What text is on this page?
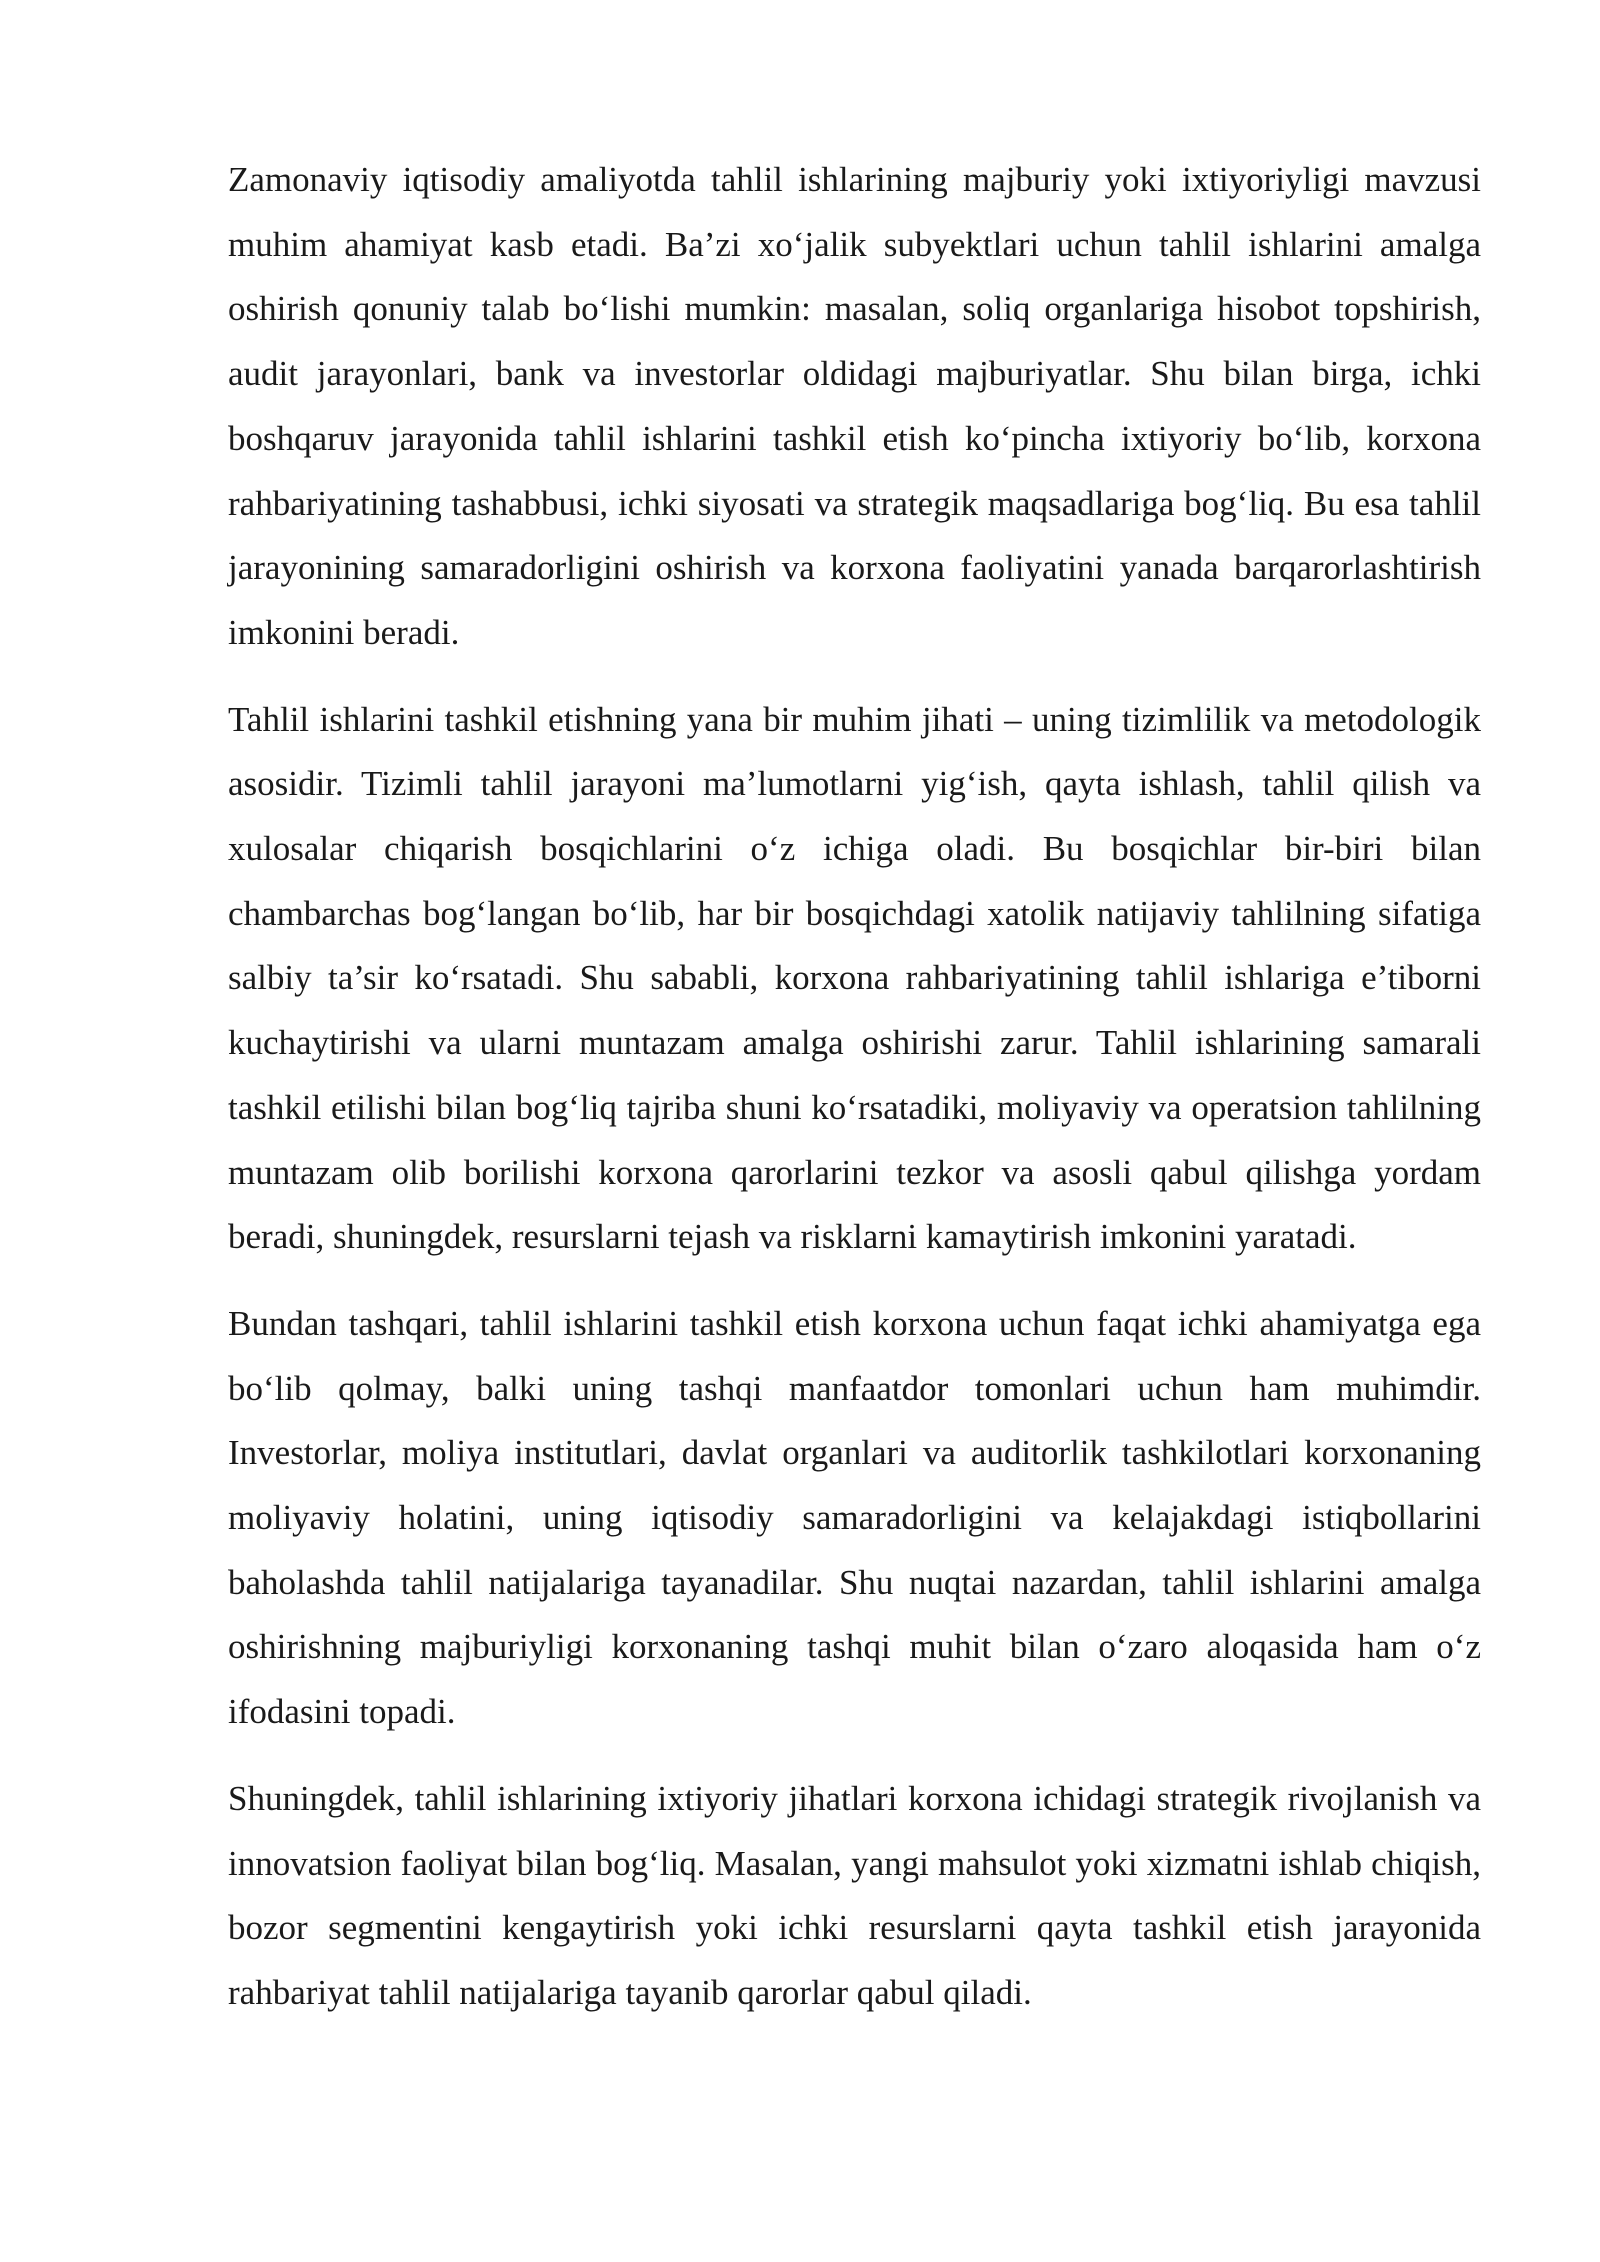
Zamonaviy iqtisodiy amaliyotda tahlil ishlarining majburiy yoki ixtiyoriyligi mavzusi muhim ahamiyat kasb etadi. Ba’zi xo‘jalik subyektlari uchun tahlil ishlarini amalga oshirish qonuniy talab bo‘lishi mumkin: masalan, soliq organlariga hisobot topshirish, audit jarayonlari, bank va investorlar oldidagi majburiyatlar. Shu bilan birga, ichki boshqaruv jarayonida tahlil ishlarini tashkil etish ko‘pincha ixtiyoriy bo‘lib, korxona rahbariyatining tashabbusi, ichki siyosati va strategik maqsadlariga bog‘liq. Bu esa tahlil jarayonining samaradorligini oshirish va korxona faoliyatini yanada barqarorlashtirish imkonini beradi.

Tahlil ishlarini tashkil etishning yana bir muhim jihati – uning tizimlilik va metodologik asosidir. Tizimli tahlil jarayoni ma’lumotlarni yig‘ish, qayta ishlash, tahlil qilish va xulosalar chiqarish bosqichlarini o‘z ichiga oladi. Bu bosqichlar bir-biri bilan chambarchas bog‘langan bo‘lib, har bir bosqichdagi xatolik natijaviy tahlilning sifatiga salbiy ta’sir ko‘rsatadi. Shu sababli, korxona rahbariyatining tahlil ishlariga e’tiborni kuchaytirishi va ularni muntazam amalga oshirishi zarur. Tahlil ishlarining samarali tashkil etilishi bilan bog‘liq tajriba shuni ko‘rsatadiki, moliyaviy va operatsion tahlilning muntazam olib borilishi korxona qarorlarini tezkor va asosli qabul qilishga yordam beradi, shuningdek, resurslarni tejash va risklarni kamaytirish imkonini yaratadi.

Bundan tashqari, tahlil ishlarini tashkil etish korxona uchun faqat ichki ahamiyatga ega bo‘lib qolmay, balki uning tashqi manfaatdor tomonlari uchun ham muhimdir. Investorlar, moliya institutlari, davlat organlari va auditorlik tashkilotlari korxonaning moliyaviy holatini, uning iqtisodiy samaradorligini va kelajakdagi istiqbollarini baholashda tahlil natijalariga tayanadilar. Shu nuqtai nazardan, tahlil ishlarini amalga oshirishning majburiyligi korxonaning tashqi muhit bilan o‘zaro aloqasida ham o‘z ifodasini topadi.

Shuningdek, tahlil ishlarining ixtiyoriy jihatlari korxona ichidagi strategik rivojlanish va innovatsion faoliyat bilan bog‘liq. Masalan, yangi mahsulot yoki xizmatni ishlab chiqish, bozor segmentini kengaytirish yoki ichki resurslarni qayta tashkil etish jarayonida rahbariyat tahlil natijalariga tayanib qarorlar qabul qiladi.
